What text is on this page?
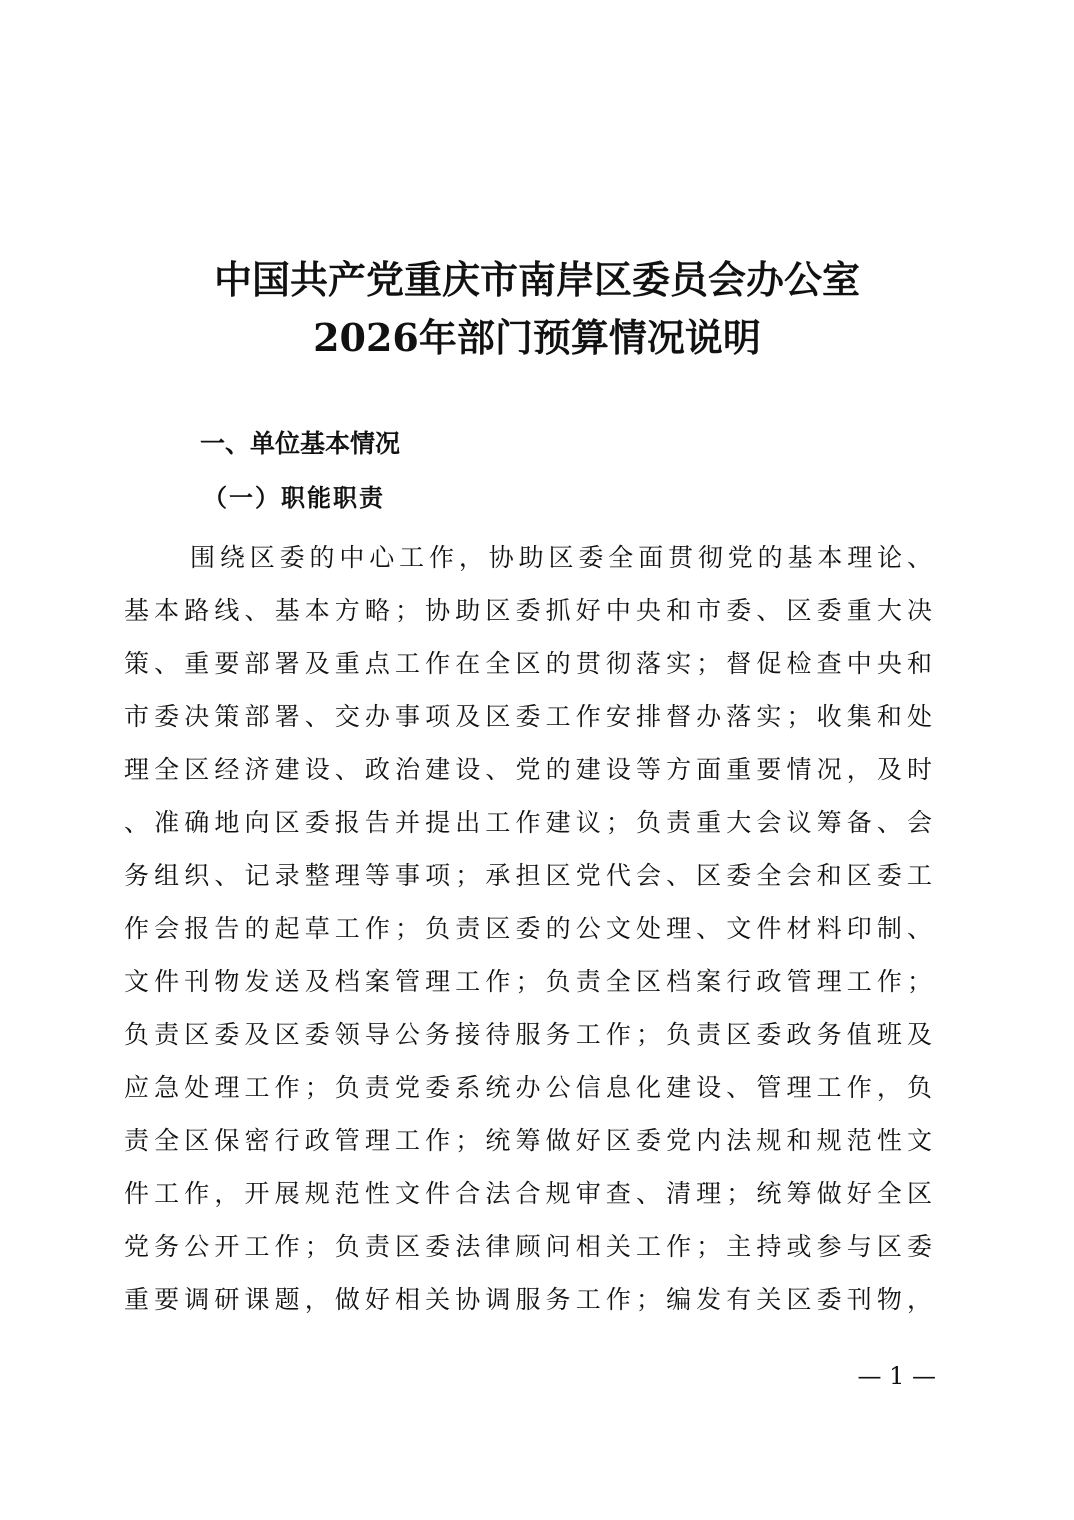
中国共产党重庆市南岸区委员会办公室
2026年部门预算情况说明
一、单位基本情况
（一）职能职责
围绕区委的中心工作，协助区委全面贯彻党的基本理论、
基本路线、基本方略；协助区委抓好中央和市委、区委重大决
策、重要部署及重点工作在全区的贯彻落实；督促检查中央和
市委决策部署、交办事项及区委工作安排督办落实；收集和处
理全区经济建设、政治建设、党的建设等方面重要情况，及时
、准确地向区委报告并提出工作建议；负责重大会议筹备、会
务组织、记录整理等事项；承担区党代会、区委全会和区委工
作会报告的起草工作；负责区委的公文处理、文件材料印制、
文件刊物发送及档案管理工作；负责全区档案行政管理工作；
负责区委及区委领导公务接待服务工作；负责区委政务值班及
应急处理工作；负责党委系统办公信息化建设、管理工作，负
责全区保密行政管理工作；统筹做好区委党内法规和规范性文
件工作，开展规范性文件合法合规审查、清理；统筹做好全区
党务公开工作；负责区委法律顾问相关工作；主持或参与区委
重要调研课题，做好相关协调服务工作；编发有关区委刊物，
— 1 —
